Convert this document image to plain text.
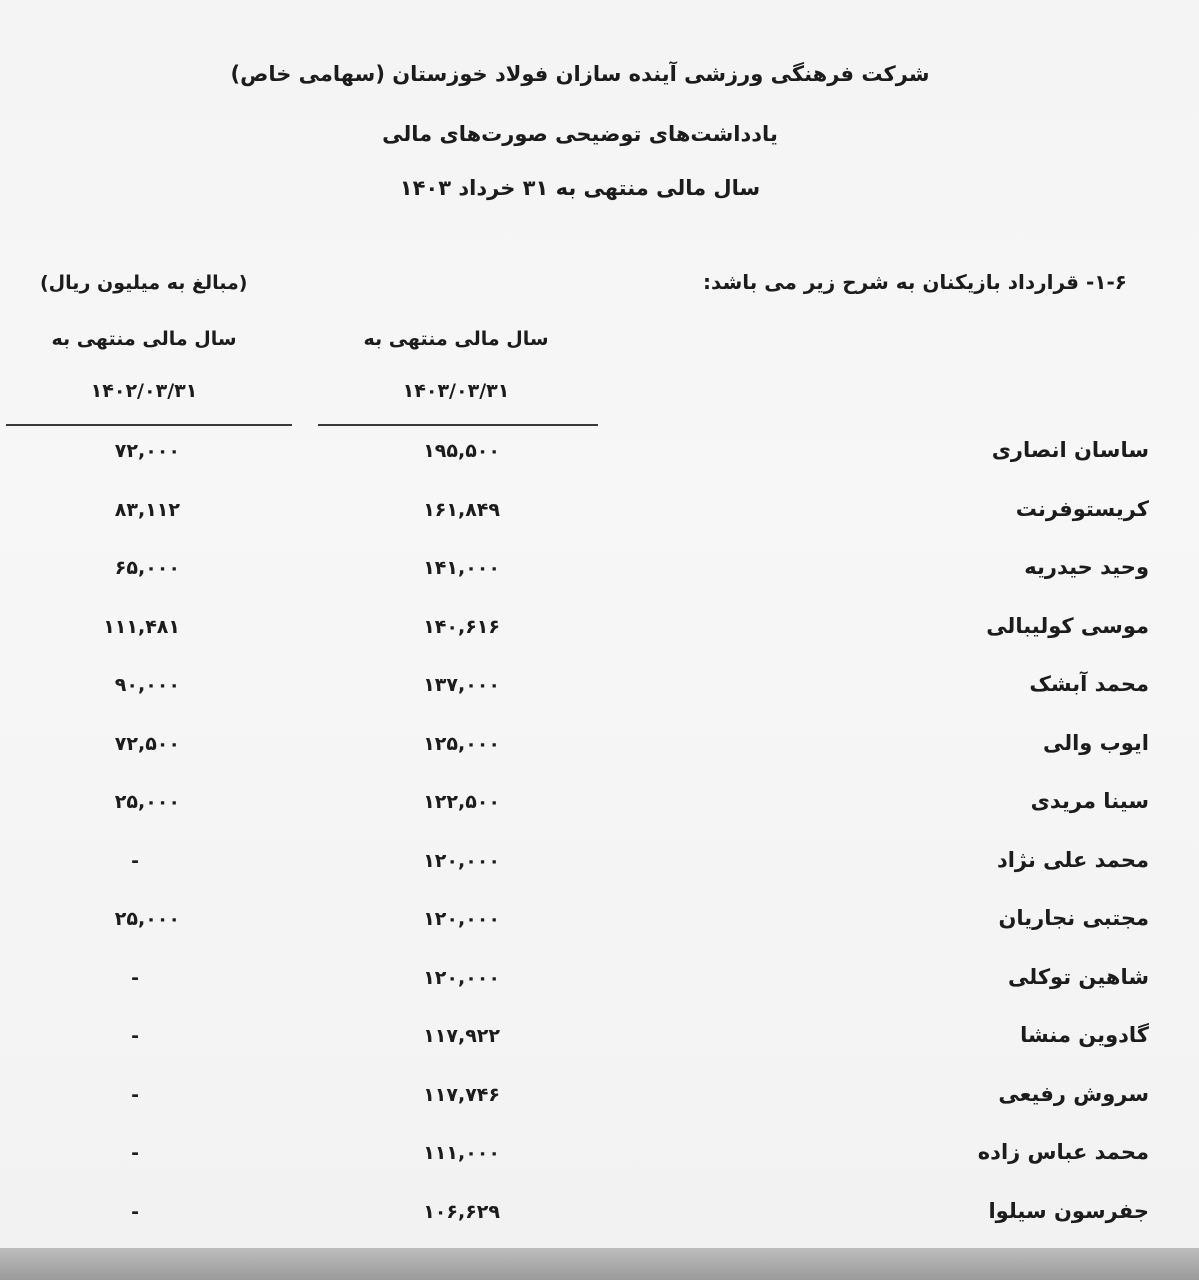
شرکت فرهنگی ورزشی آینده سازان فولاد خوزستان (سهامی خاص)
یادداشت‌های توضیحی صورت‌های مالی
سال مالی منتهی به ۳۱ خرداد ۱۴۰۳
۱-۶- قرارداد بازیکنان به شرح زیر می باشد:
(مبالغ به میلیون ریال)
سال مالی منتهی به
۱۴۰۳/۰۳/۳۱
سال مالی منتهی به
۱۴۰۲/۰۳/۳۱
ساسان انصاری
۱۹۵,۵۰۰
۷۲,۰۰۰
کریستوفرنت
۱۶۱,۸۴۹
۸۳,۱۱۲
وحید حیدریه
۱۴۱,۰۰۰
۶۵,۰۰۰
موسی کولیبالی
۱۴۰,۶۱۶
۱۱۱,۴۸۱
محمد آبشک
۱۳۷,۰۰۰
۹۰,۰۰۰
ایوب والی
۱۲۵,۰۰۰
۷۲,۵۰۰
سینا مریدی
۱۲۲,۵۰۰
۲۵,۰۰۰
محمد علی نژاد
۱۲۰,۰۰۰
-
مجتبی نجاریان
۱۲۰,۰۰۰
۲۵,۰۰۰
شاهین توکلی
۱۲۰,۰۰۰
-
گادوین منشا
۱۱۷,۹۲۲
-
سروش رفیعی
۱۱۷,۷۴۶
-
محمد عباس زاده
۱۱۱,۰۰۰
-
جفرسون سیلوا
۱۰۶,۶۲۹
-
